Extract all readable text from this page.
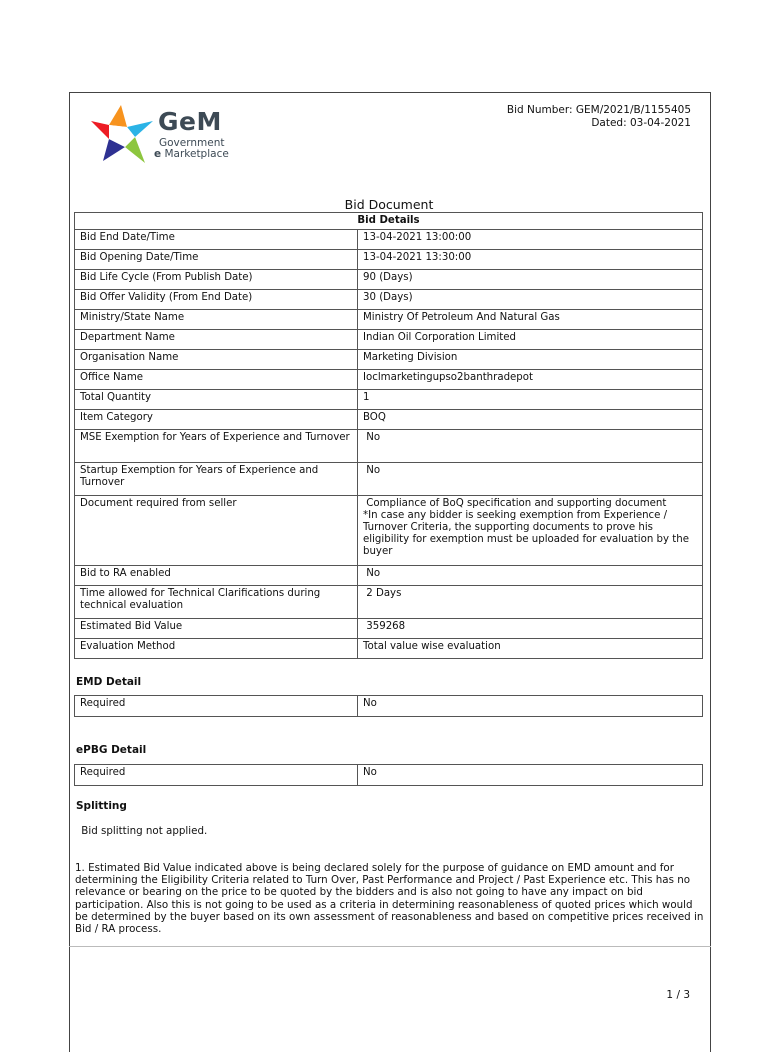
GeM
Government
e Marketplace
Bid Number: GEM/2021/B/1155405
Dated: 03-04-2021
Bid Document
Bid Details	
Bid End Date/Time	13-04-2021 13:00:00
Bid Opening Date/Time	13-04-2021 13:30:00
Bid Life Cycle (From Publish Date)	90 (Days)
Bid Offer Validity (From End Date)	30 (Days)
Ministry/State Name	Ministry Of Petroleum And Natural Gas
Department Name	Indian Oil Corporation Limited
Organisation Name	Marketing Division
Office Name	Ioclmarketingupso2banthradepot
Total Quantity	1
Item Category	BOQ
MSE Exemption for Years of Experience and Turnover	No
Startup Exemption for Years of Experience and Turnover	No
Document required from seller	Compliance of BoQ specification and supporting document
*In case any bidder is seeking exemption from Experience / Turnover Criteria, the supporting documents to prove his eligibility for exemption must be uploaded for evaluation by the buyer
Bid to RA enabled	No
Time allowed for Technical Clarifications during technical evaluation	2 Days
Estimated Bid Value	359268
Evaluation Method	Total value wise evaluation
EMD Detail
Required	No
ePBG Detail
Required	No
Splitting
Bid splitting not applied.
1. Estimated Bid Value indicated above is being declared solely for the purpose of guidance on EMD amount and for determining the Eligibility Criteria related to Turn Over, Past Performance and Project / Past Experience etc. This has no relevance or bearing on the price to be quoted by the bidders and is also not going to have any impact on bid participation. Also this is not going to be used as a criteria in determining reasonableness of quoted prices which would be determined by the buyer based on its own assessment of reasonableness and based on competitive prices received in Bid / RA process.
1 / 3
